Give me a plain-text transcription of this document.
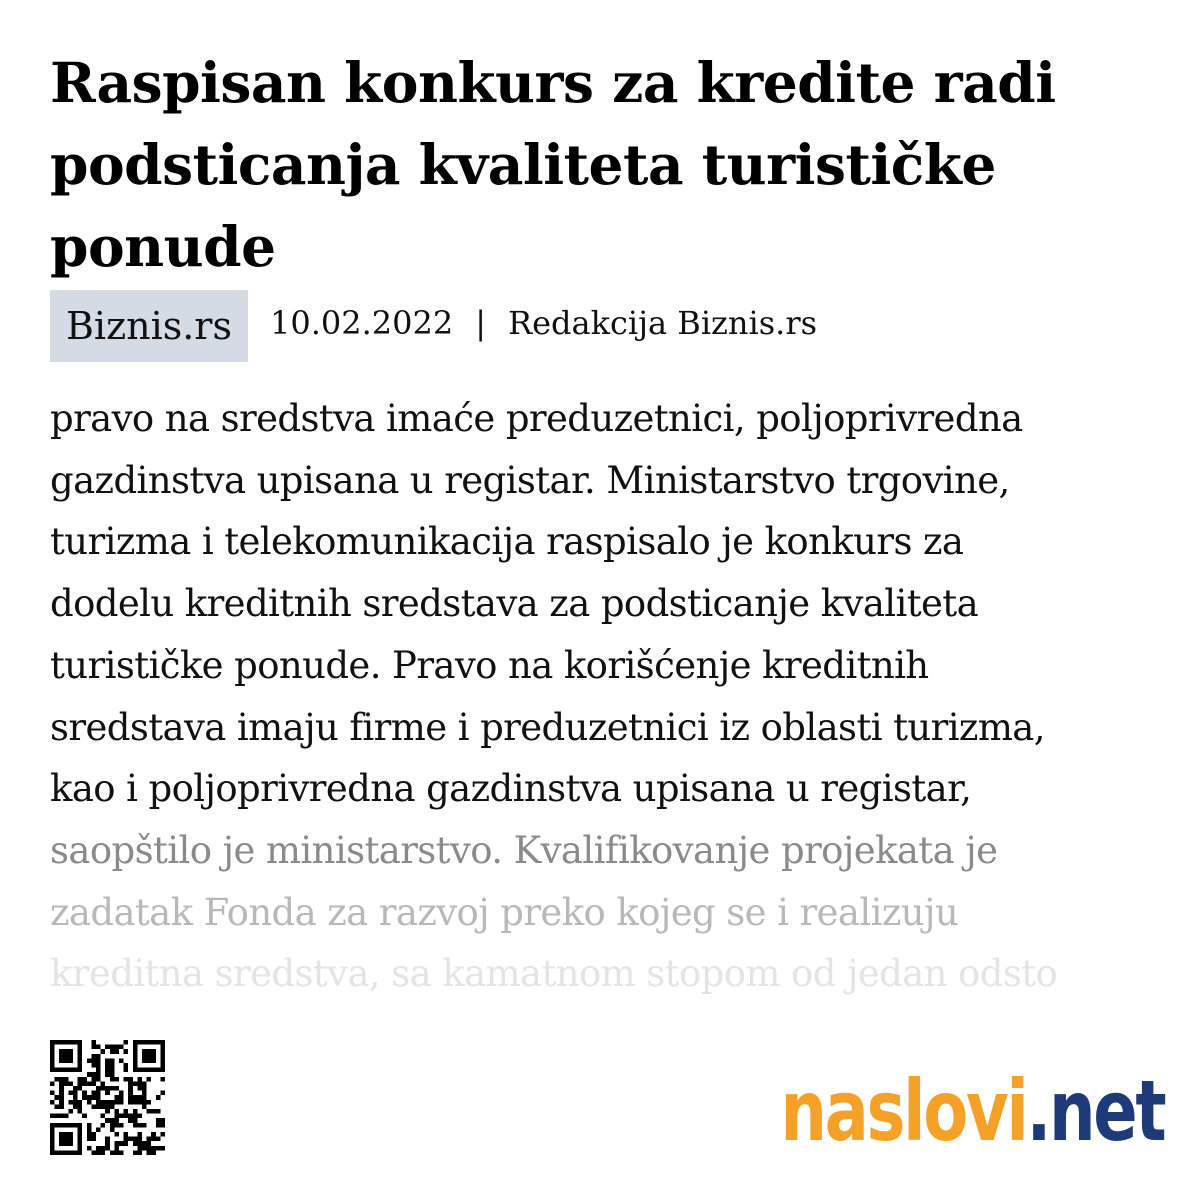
Raspisan konkurs za kredite radi podsticanja kvaliteta turističke ponude
Biznis.rs	10.02.2022 | Redakcija Biznis.rs
pravo na sredstva imaće preduzetnici, poljoprivredna
gazdinstva upisana u registar. Ministarstvo trgovine,
turizma i telekomunikacija raspisalo je konkurs za
dodelu kreditnih sredstava za podsticanje kvaliteta
turističke ponude. Pravo na korišćenje kreditnih
sredstava imaju firme i preduzetnici iz oblasti turizma,
kao i poljoprivredna gazdinstva upisana u registar,
saopštilo je ministarstvo. Kvalifikovanje projekata je
zadatak Fonda za razvoj preko kojeg se i realizuju
kreditna sredstva, sa kamatnom stopom od jedan odsto
naslovi .net
